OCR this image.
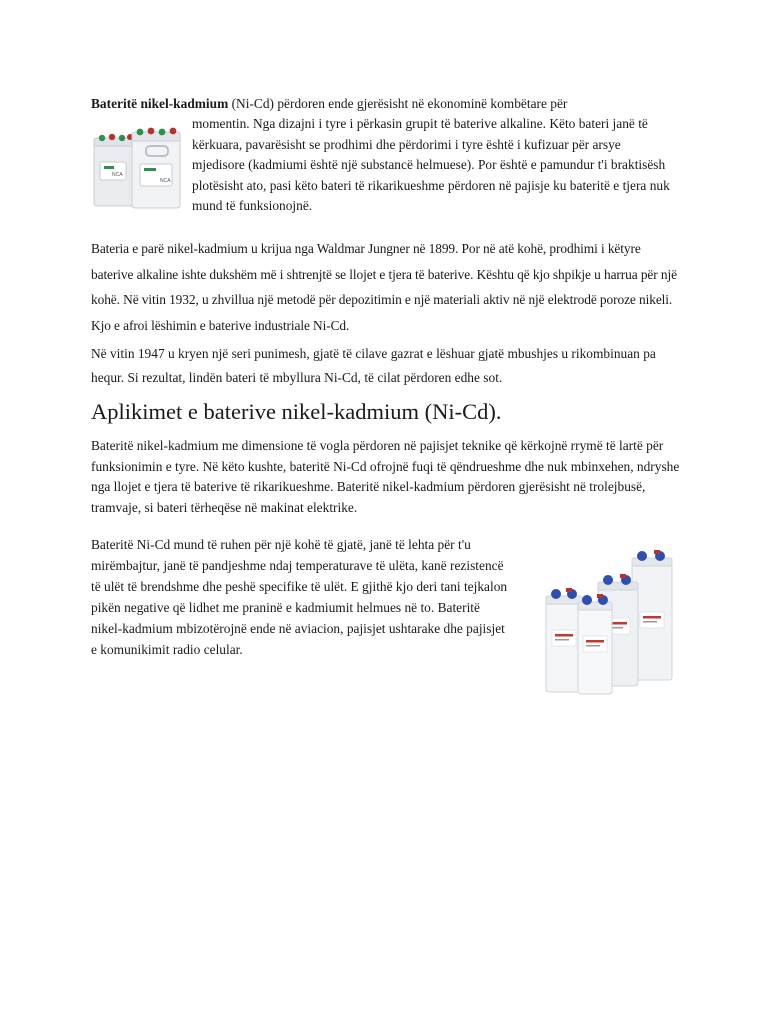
Bateritë nikel-kadmium (Ni-Cd) përdoren ende gjerësisht në ekonominë kombëtare për

momentin. Nga dizajni i tyre i përkasin grupit të baterive alkaline. Këto bateri janë të kërkuara, pavarësisht se prodhimi dhe përdorimi i tyre është i kufizuar për arsye mjedisore (kadmiumi është një substancë helmuese). Por është e pamundur t'i braktisësh plotësisht ato, pasi këto bateri të rikarikueshme përdoren në pajisje ku bateritë e tjera nuk mund të funksionojnë.

NCA
NCA

Bateria e parë nikel-kadmium u krijua nga Waldmar Jungner në 1899. Por në atë kohë, prodhimi i këtyre baterive alkaline ishte dukshëm më i shtrenjtë se llojet e tjera të baterive. Kështu që kjo shpikje u harrua për një kohë. Në vitin 1932, u zhvillua një metodë për depozitimin e një materiali aktiv në një elektrodë poroze nikeli. Kjo e afroi lëshimin e baterive industriale Ni-Cd.

Në vitin 1947 u kryen një seri punimesh, gjatë të cilave gazrat e lëshuar gjatë mbushjes u rikombinuan pa hequr. Si rezultat, lindën bateri të mbyllura Ni-Cd, të cilat përdoren edhe sot.

Aplikimet e baterive nikel-kadmium (Ni-Cd).

Bateritë nikel-kadmium me dimensione të vogla përdoren në pajisjet teknike që kërkojnë rrymë të lartë për funksionimin e tyre. Në këto kushte, bateritë Ni-Cd ofrojnë fuqi të qëndrueshme dhe nuk mbinxehen, ndryshe nga llojet e tjera të baterive të rikarikueshme. Bateritë nikel-kadmium përdoren gjerësisht në trolejbusë, tramvaje, si bateri tërheqëse në makinat elektrike.

Bateritë Ni-Cd mund të ruhen për një kohë të gjatë, janë të lehta për t'u mirëmbajtur, janë të pandjeshme ndaj temperaturave të ulëta, kanë rezistencë të ulët të brendshme dhe peshë specifike të ulët. E gjithë kjo deri tani tejkalon pikën negative që lidhet me praninë e kadmiumit helmues në to. Bateritë nikel-kadmium mbizotërojnë ende në aviacion, pajisjet ushtarake dhe pajisjet e komunikimit radio celular.
